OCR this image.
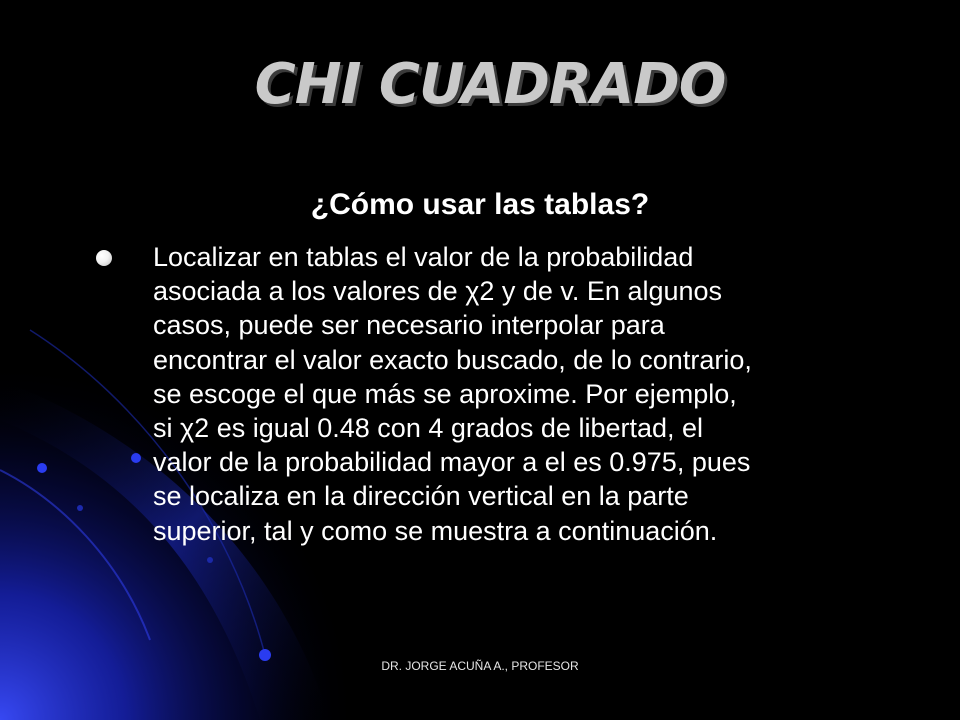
CHI CUADRADO
¿Cómo usar las tablas?

Localizar en tablas el valor de la probabilidad
asociada a los valores de χ2 y de v. En algunos
casos, puede ser necesario interpolar para
encontrar el valor exacto buscado, de lo contrario,
se escoge el que más se aproxime. Por ejemplo,
si χ2 es igual 0.48 con 4 grados de libertad, el
valor de la probabilidad mayor a el es 0.975, pues
se localiza en la dirección vertical en la parte
superior, tal y como se muestra a continuación.

DR. JORGE ACUÑA A., PROFESOR
